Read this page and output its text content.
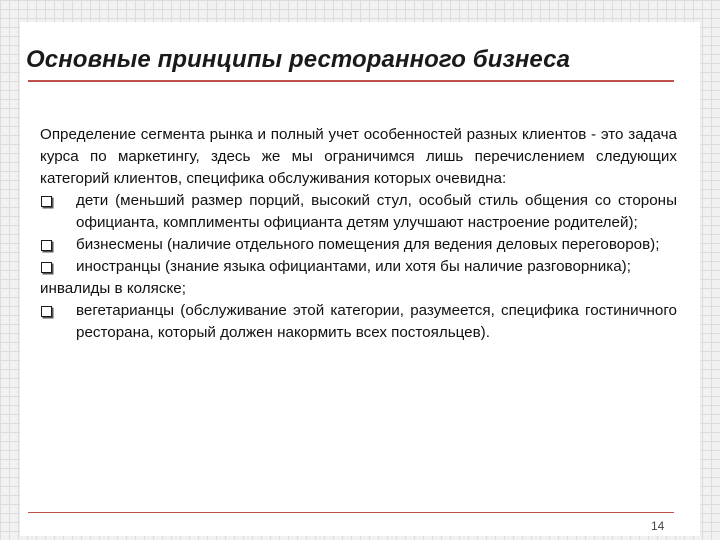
Основные принципы ресторанного бизнеса
Определение сегмента рынка и полный учет особенностей разных клиентов - это задача курса по маркетингу, здесь же мы ограничимся лишь перечислением следующих категорий клиентов, специфика обслуживания которых очевидна:
дети (меньший размер порций, высокий стул, особый стиль общения со стороны официанта, комплименты официанта детям улучшают настроение родителей);
бизнесмены (наличие отдельного помещения для ведения деловых переговоров);
иностранцы (знание языка официантами, или хотя бы наличие разговорника);
инвалиды в коляске;
вегетарианцы (обслуживание этой категории, разумеется, специфика гостиничного ресторана, который должен накормить всех постояльцев).
14
